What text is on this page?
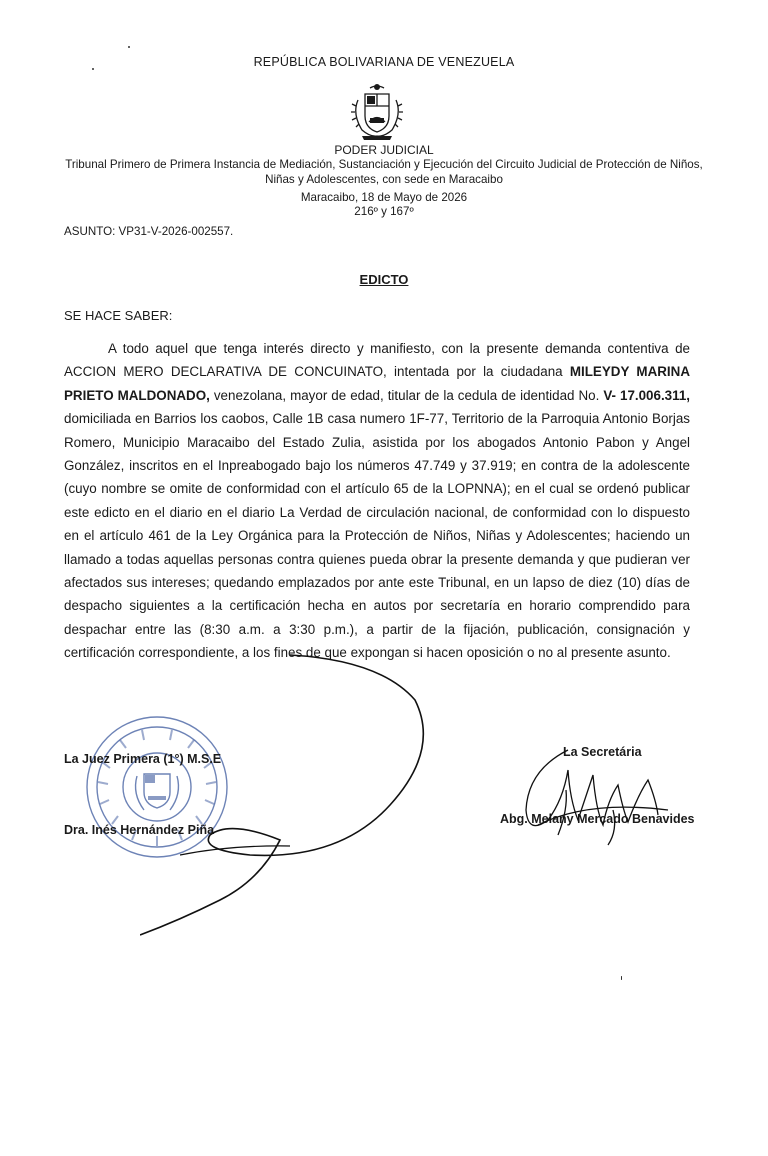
REPÚBLICA BOLIVARIANA DE VENEZUELA
PODER JUDICIAL
Tribunal Primero de Primera Instancia de Mediación, Sustanciación y Ejecución del Circuito Judicial de Protección de Niños,
Niñas y Adolescentes, con sede en Maracaibo
Maracaibo, 18 de Mayo de 2026
216º y 167º
ASUNTO: VP31-V-2026-002557.
EDICTO
SE HACE SABER:
A todo aquel que tenga interés directo y manifiesto, con la presente demanda contentiva de ACCION MERO DECLARATIVA DE CONCUINATO, intentada por la ciudadana MILEYDY MARINA PRIETO MALDONADO, venezolana, mayor de edad, titular de la cedula de identidad No. V- 17.006.311, domiciliada en Barrios los caobos, Calle 1B casa numero 1F-77, Territorio de la Parroquia Antonio Borjas Romero, Municipio Maracaibo del Estado Zulia, asistida por los abogados Antonio Pabon y Angel González, inscritos en el Inpreabogado bajo los números 47.749 y 37.919; en contra de la adolescente (cuyo nombre se omite de conformidad con el artículo 65 de la LOPNNA); en el cual se ordenó publicar este edicto en el diario en el diario La Verdad de circulación nacional, de conformidad con lo dispuesto en el artículo 461 de la Ley Orgánica para la Protección de Niños, Niñas y Adolescentes; haciendo un llamado a todas aquellas personas contra quienes pueda obrar la presente demanda y que pudieran ver afectados sus intereses; quedando emplazados por ante este Tribunal, en un lapso de diez (10) días de despacho siguientes a la certificación hecha en autos por secretaría en horario comprendido para despachar entre las (8:30 a.m. a 3:30 p.m.), a partir de la fijación, publicación, consignación y certificación correspondiente, a los fines de que expongan si hacen oposición o no al presente asunto.
La Juez Primera (1°) M.S.E
Dra. Inés Hernández Piña
La Secretária
Abg. Melany Mercado Benavides
